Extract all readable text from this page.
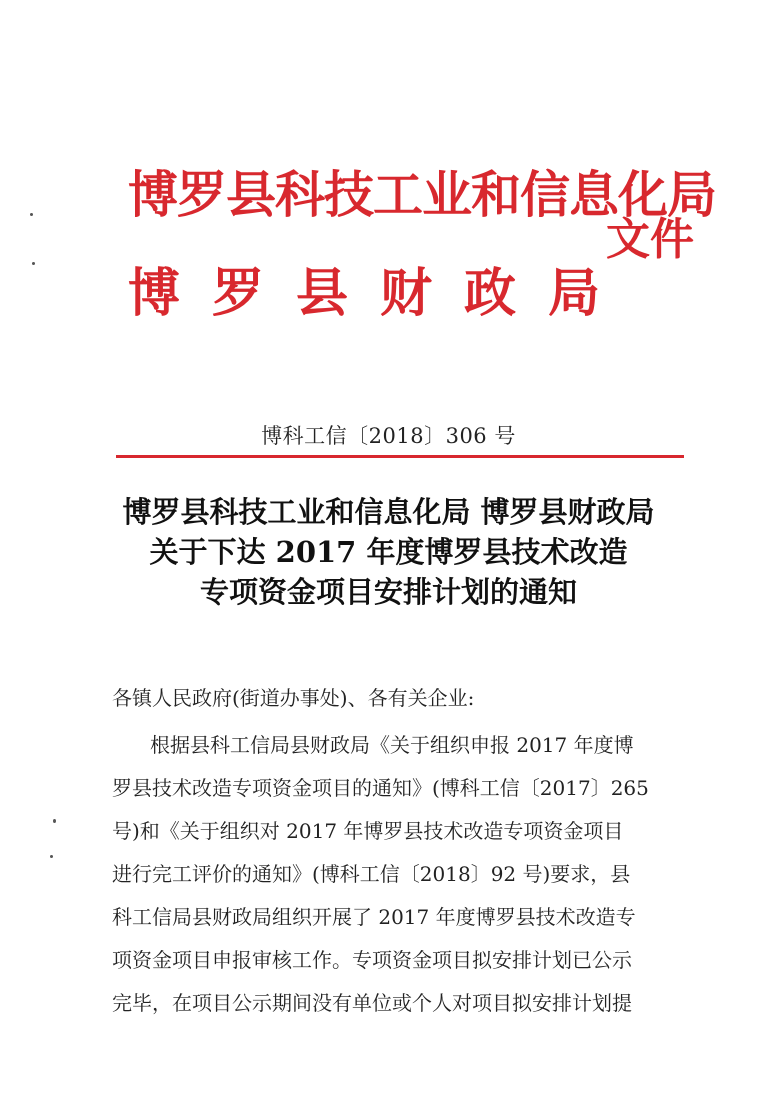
博罗县科技工业和信息化局
博 罗 县 财 政 局
文件
博科工信〔2018〕306 号
博罗县科技工业和信息化局 博罗县财政局
关于下达 2017 年度博罗县技术改造
专项资金项目安排计划的通知
各镇人民政府(街道办事处)、各有关企业:
根据县科工信局县财政局《关于组织申报 2017 年度博
罗县技术改造专项资金项目的通知》(博科工信〔2017〕265
号)和《关于组织对 2017 年博罗县技术改造专项资金项目
进行完工评价的通知》(博科工信〔2018〕92 号)要求，县
科工信局县财政局组织开展了 2017 年度博罗县技术改造专
项资金项目申报审核工作。专项资金项目拟安排计划已公示
完毕，在项目公示期间没有单位或个人对项目拟安排计划提
